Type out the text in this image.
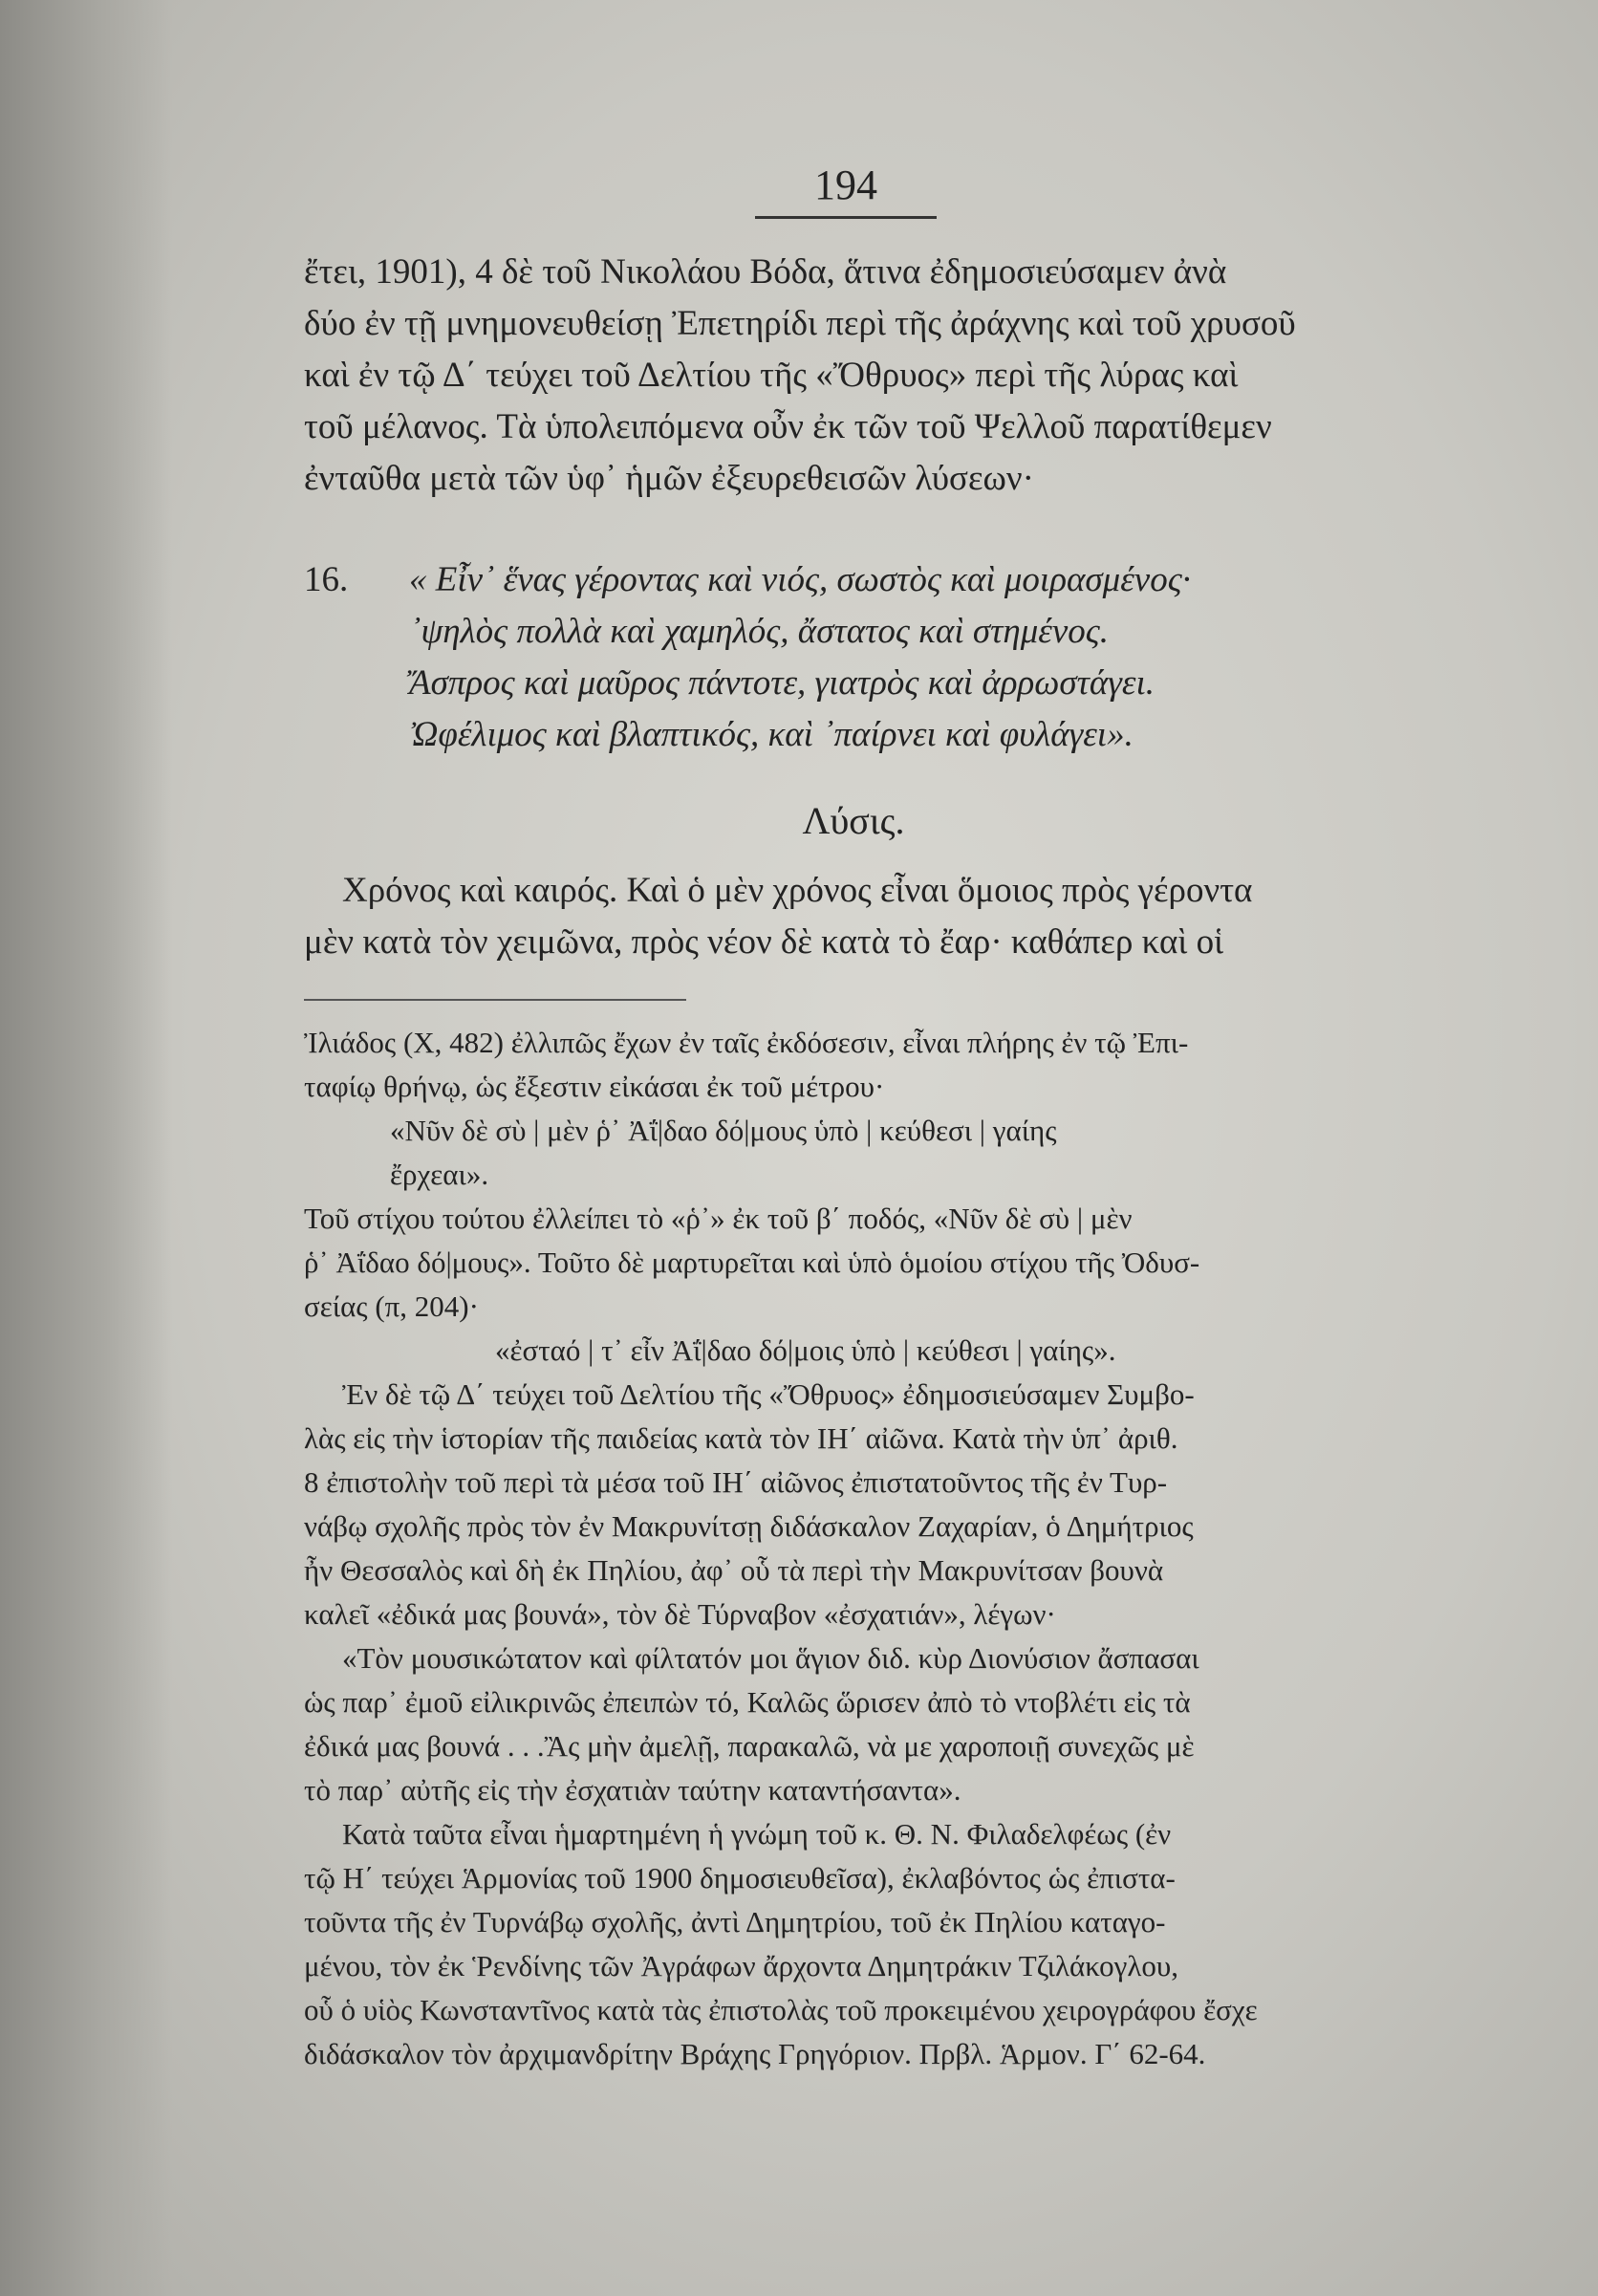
194

ἔτει, 1901), 4 δὲ τοῦ Νικολάου Βόδα, ἅτινα ἐδημοσιεύσαμεν ἀνὰ

δύο ἐν τῇ μνημονευθείσῃ Ἐπετηρίδι περὶ τῆς ἀράχνης καὶ τοῦ χρυσοῦ

καὶ ἐν τῷ Δ΄ τεύχει τοῦ Δελτίου τῆς «Ὄθρυος» περὶ τῆς λύρας καὶ

τοῦ μέλανος. Τὰ ὑπολειπόμενα οὖν ἐκ τῶν τοῦ Ψελλοῦ παρατίθεμεν

ἐνταῦθα μετὰ τῶν ὑφ᾽ ἡμῶν ἐξευρεθεισῶν λύσεων·

16. « Εἶν᾽ ἕνας γέροντας καὶ νιός, σωστὸς καὶ μοιρασμένος·
᾽ψηλὸς πολλὰ καὶ χαμηλός, ἄστατος καὶ στημένος.
Ἄσπρος καὶ μαῦρος πάντοτε, γιατρὸς καὶ ἀρρωστάγει.
Ὠφέλιμος καὶ βλαπτικός, καὶ ᾽παίρνει καὶ φυλάγει».
Λύσις.

Χρόνος καὶ καιρός. Καὶ ὁ μὲν χρόνος εἶναι ὅμοιος πρὸς γέροντα

μὲν κατὰ τὸν χειμῶνα, πρὸς νέον δὲ κατὰ τὸ ἔαρ· καθάπερ καὶ οἱ

Ἰλιάδος (Χ, 482) ἐλλιπῶς ἔχων ἐν ταῖς ἐκδόσεσιν, εἶναι πλήρης ἐν τῷ Ἐπι-

ταφίῳ θρήνῳ, ὡς ἔξεστιν εἰκάσαι ἐκ τοῦ μέτρου·

«Νῦν δὲ σὺ | μὲν ῥ᾽ Ἀΐ|δαο δό|μους ὑπὸ | κεύθεσι | γαίης

ἔρχεαι».

Τοῦ στίχου τούτου ἐλλείπει τὸ «ῥ᾽» ἐκ τοῦ β΄ ποδός, «Νῦν δὲ σὺ | μὲν

ῥ᾽ Ἀΐδαο δό|μους». Τοῦτο δὲ μαρτυρεῖται καὶ ὑπὸ ὁμοίου στίχου τῆς Ὀδυσ-

σείας (π, 204)·

«ἐσταό | τ᾽ εἶν Ἀΐ|δαο δό|μοις ὑπὸ | κεύθεσι | γαίης».

Ἐν δὲ τῷ Δ΄ τεύχει τοῦ Δελτίου τῆς «Ὄθρυος» ἐδημοσιεύσαμεν Συμβο-

λὰς εἰς τὴν ἱστορίαν τῆς παιδείας κατὰ τὸν ΙΗ΄ αἰῶνα. Κατὰ τὴν ὑπ᾽ ἀριθ.

8 ἐπιστολὴν τοῦ περὶ τὰ μέσα τοῦ ΙΗ΄ αἰῶνος ἐπιστατοῦντος τῆς ἐν Τυρ-

νάβῳ σχολῆς πρὸς τὸν ἐν Μακρυνίτσῃ διδάσκαλον Ζαχαρίαν, ὁ Δημήτριος

ἦν Θεσσαλὸς καὶ δὴ ἐκ Πηλίου, ἀφ᾽ οὗ τὰ περὶ τὴν Μακρυνίτσαν βουνὰ

καλεῖ «ἐδικά μας βουνά», τὸν δὲ Τύρναβον «ἐσχατιάν», λέγων·

«Τὸν μουσικώτατον καὶ φίλτατόν μοι ἅγιον διδ. κὺρ Διονύσιον ἄσπασαι

ὡς παρ᾽ ἐμοῦ εἰλικρινῶς ἐπειπὼν τό, Καλῶς ὥρισεν ἀπὸ τὸ ντοβλέτι εἰς τὰ

ἐδικά μας βουνά . . .Ἂς μὴν ἀμελῇ, παρακαλῶ, νὰ με χαροποιῇ συνεχῶς μὲ

τὸ παρ᾽ αὐτῆς εἰς τὴν ἐσχατιὰν ταύτην καταντήσαντα».

Κατὰ ταῦτα εἶναι ἡμαρτημένη ἡ γνώμη τοῦ κ. Θ. Ν. Φιλαδελφέως (ἐν

τῷ Η΄ τεύχει Ἁρμονίας τοῦ 1900 δημοσιευθεῖσα), ἐκλαβόντος ὡς ἐπιστα-

τοῦντα τῆς ἐν Τυρνάβῳ σχολῆς, ἀντὶ Δημητρίου, τοῦ ἐκ Πηλίου καταγο-

μένου, τὸν ἐκ Ῥενδίνης τῶν Ἀγράφων ἄρχοντα Δημητράκιν Τζιλάκογλου,

οὗ ὁ υἱὸς Κωνσταντῖνος κατὰ τὰς ἐπιστολὰς τοῦ προκειμένου χειρογράφου ἔσχε

διδάσκαλον τὸν ἀρχιμανδρίτην Βράχης Γρηγόριον. Πρβλ. Ἁρμον. Γ΄ 62-64.
